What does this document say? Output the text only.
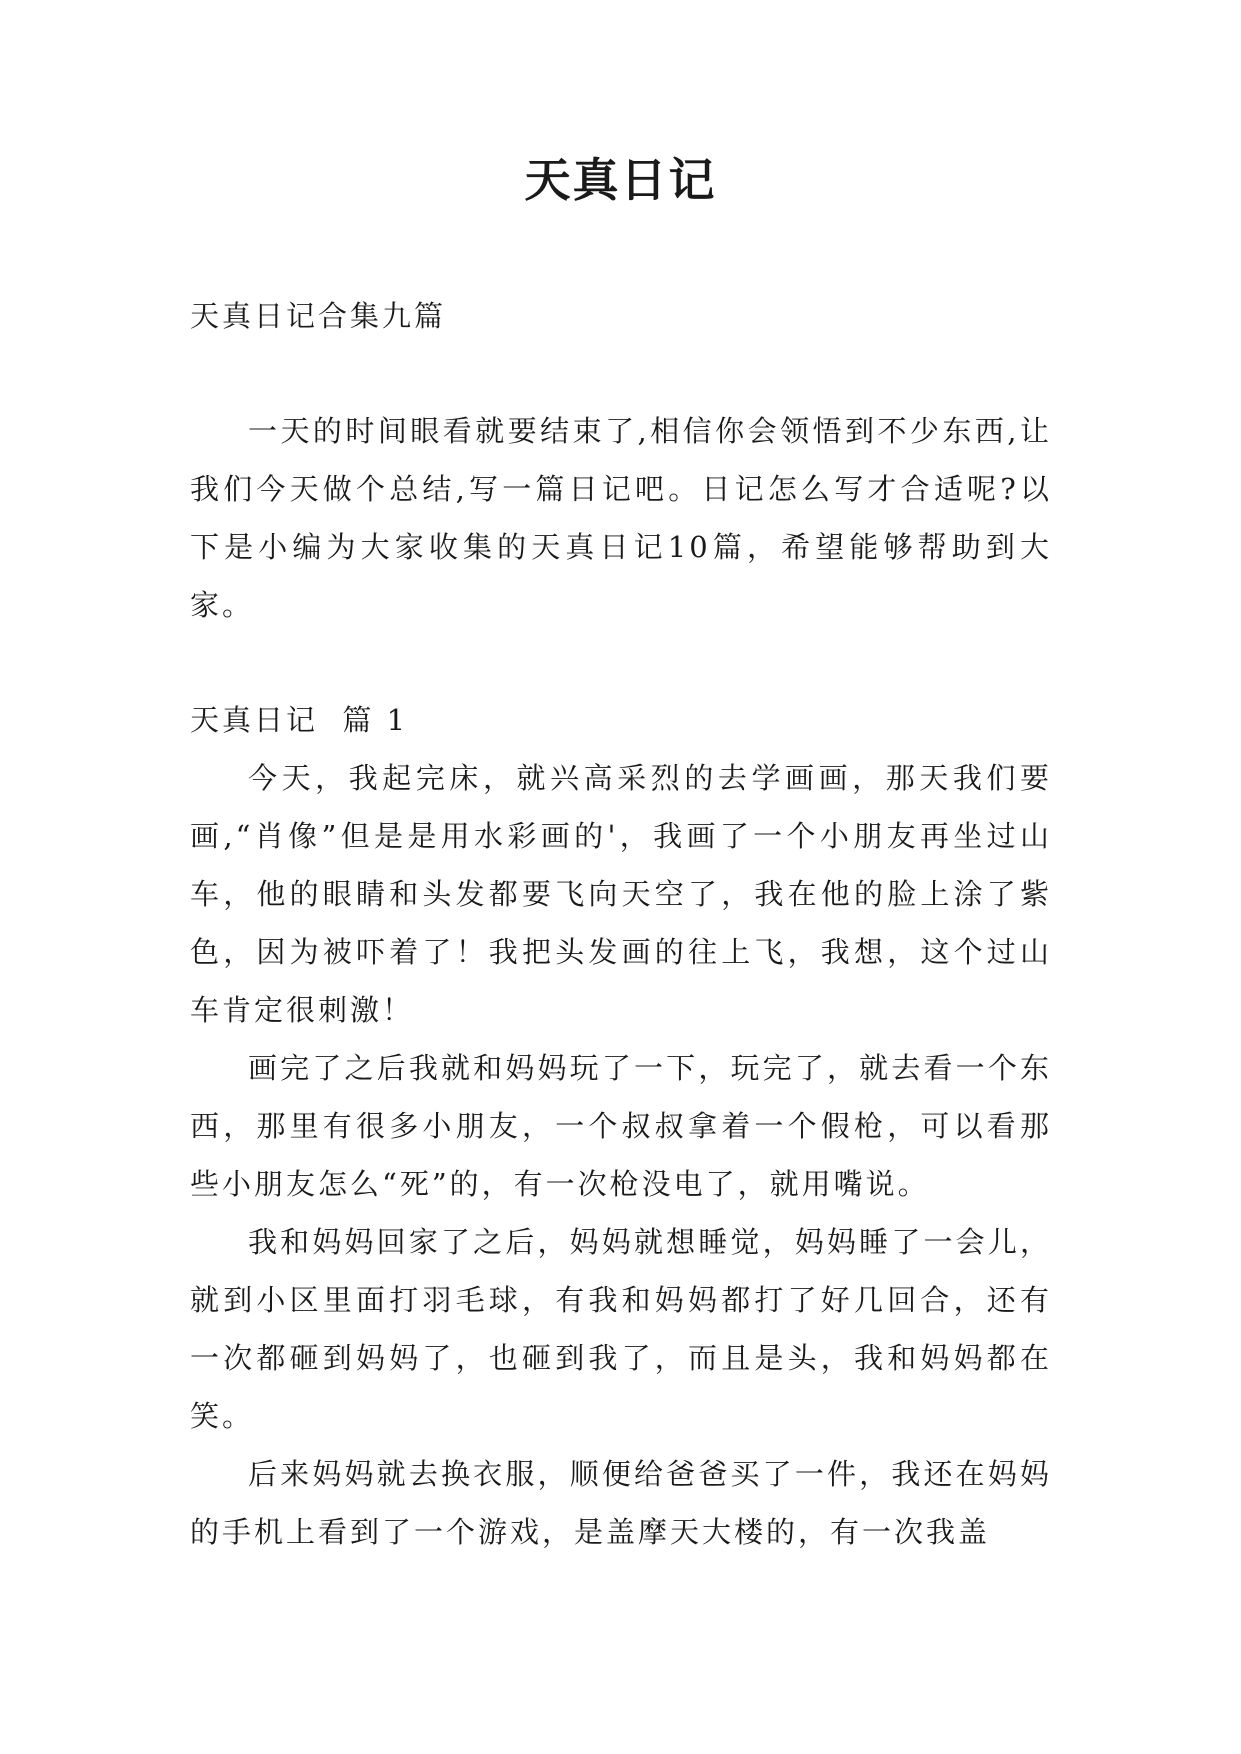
天真日记

天真日记合集九篇

一天的时间眼看就要结束了,相信你会领悟到不少东西,让我们今天做个总结,写一篇日记吧。日记怎么写才合适呢?以下是小编为大家收集的天真日记10篇，希望能够帮助到大家。

天真日记  篇 1

今天，我起完床，就兴高采烈的去学画画，那天我们要画,“肖像”但是是用水彩画的'，我画了一个小朋友再坐过山车，他的眼睛和头发都要飞向天空了，我在他的脸上涂了紫色，因为被吓着了！我把头发画的往上飞，我想，这个过山车肯定很刺激！

画完了之后我就和妈妈玩了一下，玩完了，就去看一个东西，那里有很多小朋友，一个叔叔拿着一个假枪，可以看那些小朋友怎么“死”的，有一次枪没电了，就用嘴说。

我和妈妈回家了之后，妈妈就想睡觉，妈妈睡了一会儿，就到小区里面打羽毛球，有我和妈妈都打了好几回合，还有一次都砸到妈妈了，也砸到我了，而且是头，我和妈妈都在笑。

后来妈妈就去换衣服，顺便给爸爸买了一件，我还在妈妈的手机上看到了一个游戏，是盖摩天大楼的，有一次我盖
